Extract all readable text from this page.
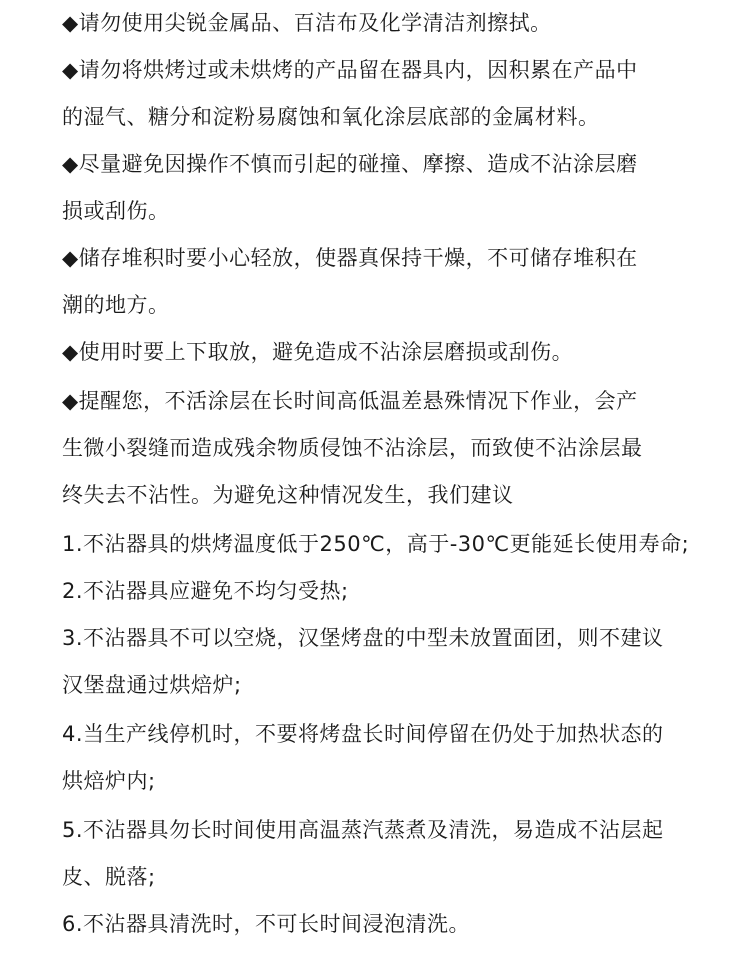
◆请勿使用尖锐金属品、百洁布及化学清洁剂擦拭。
◆请勿将烘烤过或未烘烤的产品留在器具内，因积累在产品中
的湿气、糖分和淀粉易腐蚀和氧化涂层底部的金属材料。
◆尽量避免因操作不慎而引起的碰撞、摩擦、造成不沾涂层磨
损或刮伤。
◆储存堆积时要小心轻放，使器真保持干燥，不可储存堆积在
潮的地方。
◆使用时要上下取放，避免造成不沾涂层磨损或刮伤。
◆提醒您，不活涂层在长时间高低温差悬殊情况下作业，会产
生微小裂缝而造成残余物质侵蚀不沾涂层，而致使不沾涂层最
终失去不沾性。为避免这种情况发生，我们建议
1.不沾器具的烘烤温度低于250℃，高于-30℃更能延长使用寿命;
2.不沾器具应避免不均匀受热;
3.不沾器具不可以空烧，汉堡烤盘的中型未放置面团，则不建议
汉堡盘通过烘焙炉;
4.当生产线停机时，不要将烤盘长时间停留在仍处于加热状态的
烘焙炉内;
5.不沾器具勿长时间使用高温蒸汽蒸煮及清洗，易造成不沾层起
皮、脱落;
6.不沾器具清洗时，不可长时间浸泡清洗。
